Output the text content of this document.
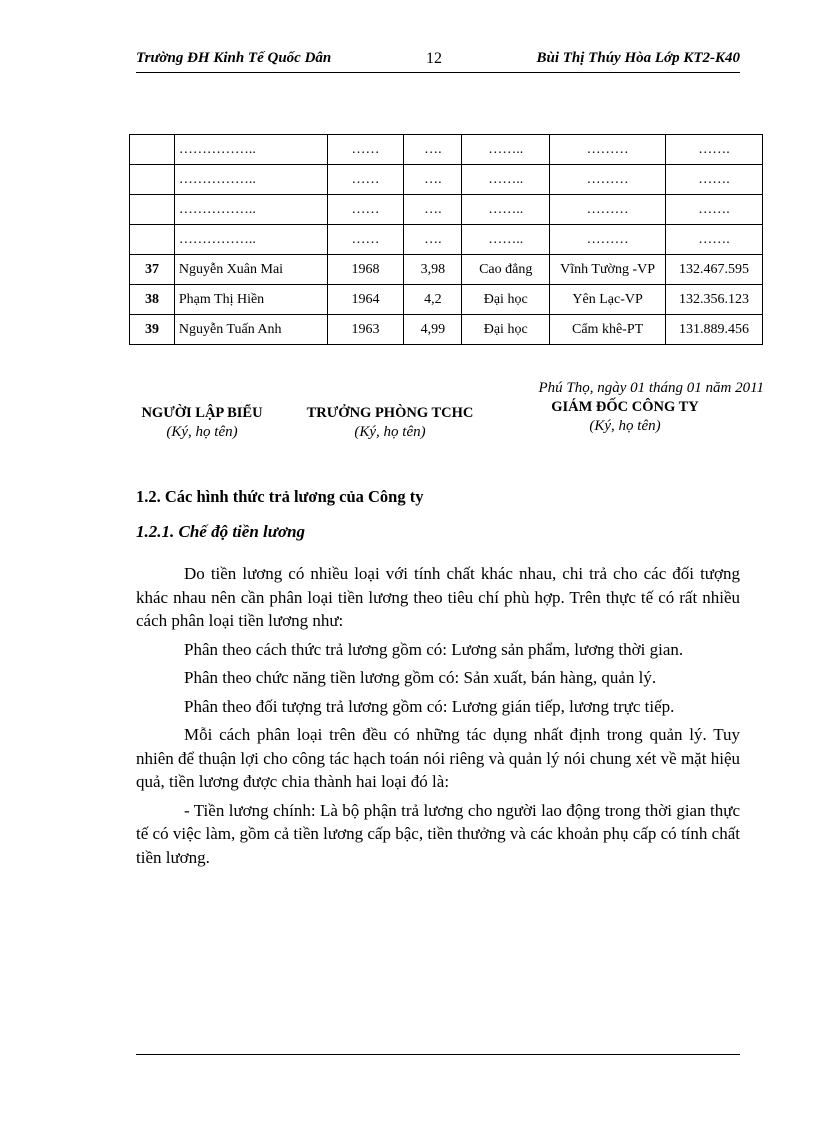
Trường ĐH Kinh Tế Quốc Dân	12	Bùi Thị Thúy Hòa Lớp KT2-K40
	……………..	……	….	……..	………	…….
	……………..	……	….	……..	………	…….
	……………..	……	….	……..	………	…….
	……………..	……	….	……..	………	…….
37	Nguyễn Xuân Mai	1968	3,98	Cao đẳng	Vĩnh Tường -VP	132.467.595
38	Phạm Thị Hiền	1964	4,2	Đại học	Yên Lạc-VP	132.356.123
39	Nguyễn Tuấn Anh	1963	4,99	Đại học	Cẩm khê-PT	131.889.456
Phú Thọ, ngày 01 tháng 01 năm 2011
NGƯỜI LẬP BIỂU
(Ký, họ tên)
TRƯỞNG PHÒNG TCHC
(Ký, họ tên)
GIÁM ĐỐC CÔNG TY
(Ký, họ tên)
1.2. Các hình thức trả lương của Công ty
1.2.1. Chế độ tiền lương

Do tiền lương có nhiều loại với tính chất khác nhau, chi trả cho các đối tượng khác nhau nên cần phân loại tiền lương theo tiêu chí phù hợp. Trên thực tế có rất nhiều cách phân loại tiền lương như:

Phân theo cách thức trả lương gồm có: Lương sản phẩm, lương thời gian.

Phân theo chức năng tiền lương gồm có: Sản xuất, bán hàng, quản lý.

Phân theo đối tượng trả lương gồm có: Lương gián tiếp, lương trực tiếp.

Mỗi cách phân loại trên đều có những tác dụng nhất định trong quản lý. Tuy nhiên để thuận lợi cho công tác hạch toán nói riêng và quản lý nói chung xét về mặt hiệu quả, tiền lương được chia thành hai loại đó là:

- Tiền lương chính: Là bộ phận trả lương cho người lao động trong thời gian thực tế có việc làm, gồm cả tiền lương cấp bậc, tiền thưởng và các khoản phụ cấp có tính chất tiền lương.
